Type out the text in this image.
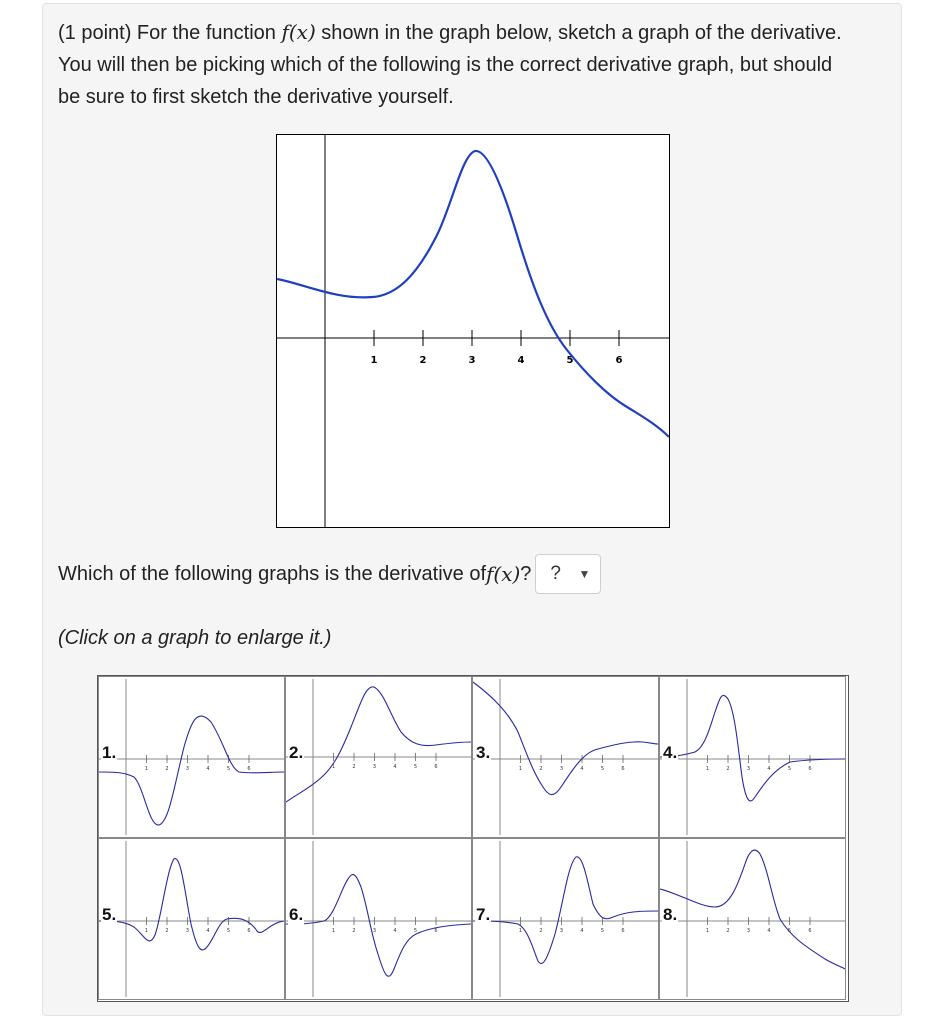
(1 point) For the function f(x) shown in the graph below, sketch a graph of the derivative. You will then be picking which of the following is the correct derivative graph, but should be sure to first sketch the derivative yourself.

1	2	3	4	5	6
Which of the following graphs is the derivative of f(x) ? ? ▼
(Click on a graph to enlarge it.)
1	2	3	4	5	6
1.
1	2	3	4	5	6
2.
1	2	3	4	5	6
3.
1	2	3	4	5	6
4.
1	2	3	4	5	6
5.
1	2	3	4	5	6
6.
1	2	3	4	5	6
7.
1	2	3	4	5	6
8.
